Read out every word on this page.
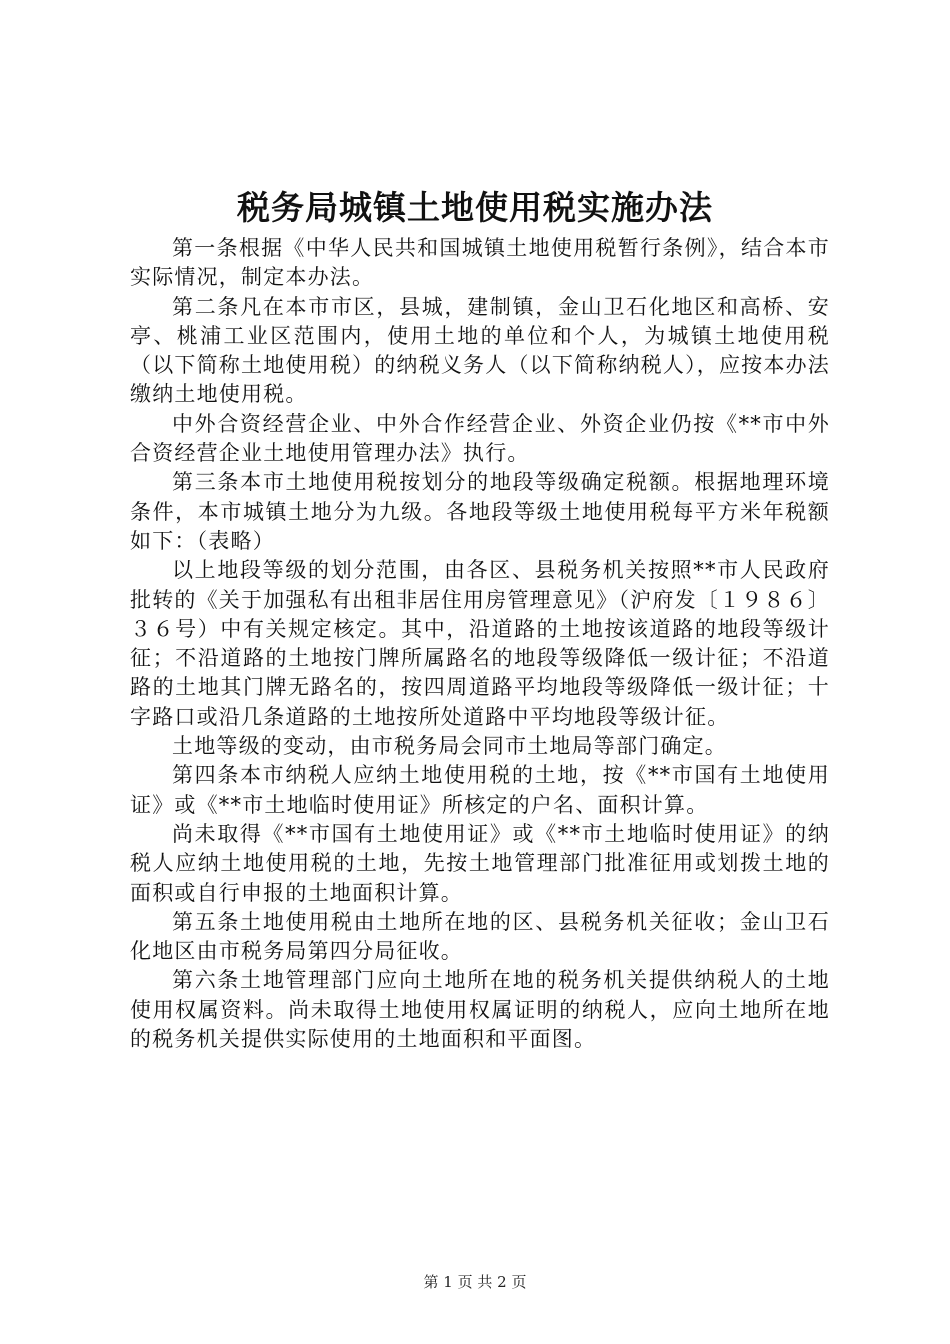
税务局城镇土地使用税实施办法

第一条根据《中华人民共和国城镇土地使用税暂行条例》，结合本市实际情况，制定本办法。

第二条凡在本市市区，县城，建制镇，金山卫石化地区和高桥、安亭、桃浦工业区范围内，使用土地的单位和个人，为城镇土地使用税（以下简称土地使用税）的纳税义务人（以下简称纳税人），应按本办法缴纳土地使用税。

中外合资经营企业、中外合作经营企业、外资企业仍按《**市中外合资经营企业土地使用管理办法》执行。

第三条本市土地使用税按划分的地段等级确定税额。根据地理环境条件，本市城镇土地分为九级。各地段等级土地使用税每平方米年税额如下：（表略）

以上地段等级的划分范围，由各区、县税务机关按照**市人民政府批转的《关于加强私有出租非居住用房管理意见》（沪府发〔１９８６〕３６号）中有关规定核定。其中，沿道路的土地按该道路的地段等级计征；不沿道路的土地按门牌所属路名的地段等级降低一级计征；不沿道路的土地其门牌无路名的，按四周道路平均地段等级降低一级计征；十字路口或沿几条道路的土地按所处道路中平均地段等级计征。

土地等级的变动，由市税务局会同市土地局等部门确定。

第四条本市纳税人应纳土地使用税的土地，按《**市国有土地使用证》或《**市土地临时使用证》所核定的户名、面积计算。

尚未取得《**市国有土地使用证》或《**市土地临时使用证》的纳税人应纳土地使用税的土地，先按土地管理部门批准征用或划拨土地的面积或自行申报的土地面积计算。

第五条土地使用税由土地所在地的区、县税务机关征收；金山卫石化地区由市税务局第四分局征收。

第六条土地管理部门应向土地所在地的税务机关提供纳税人的土地使用权属资料。尚未取得土地使用权属证明的纳税人，应向土地所在地的税务机关提供实际使用的土地面积和平面图。

第 1 页 共 2 页
